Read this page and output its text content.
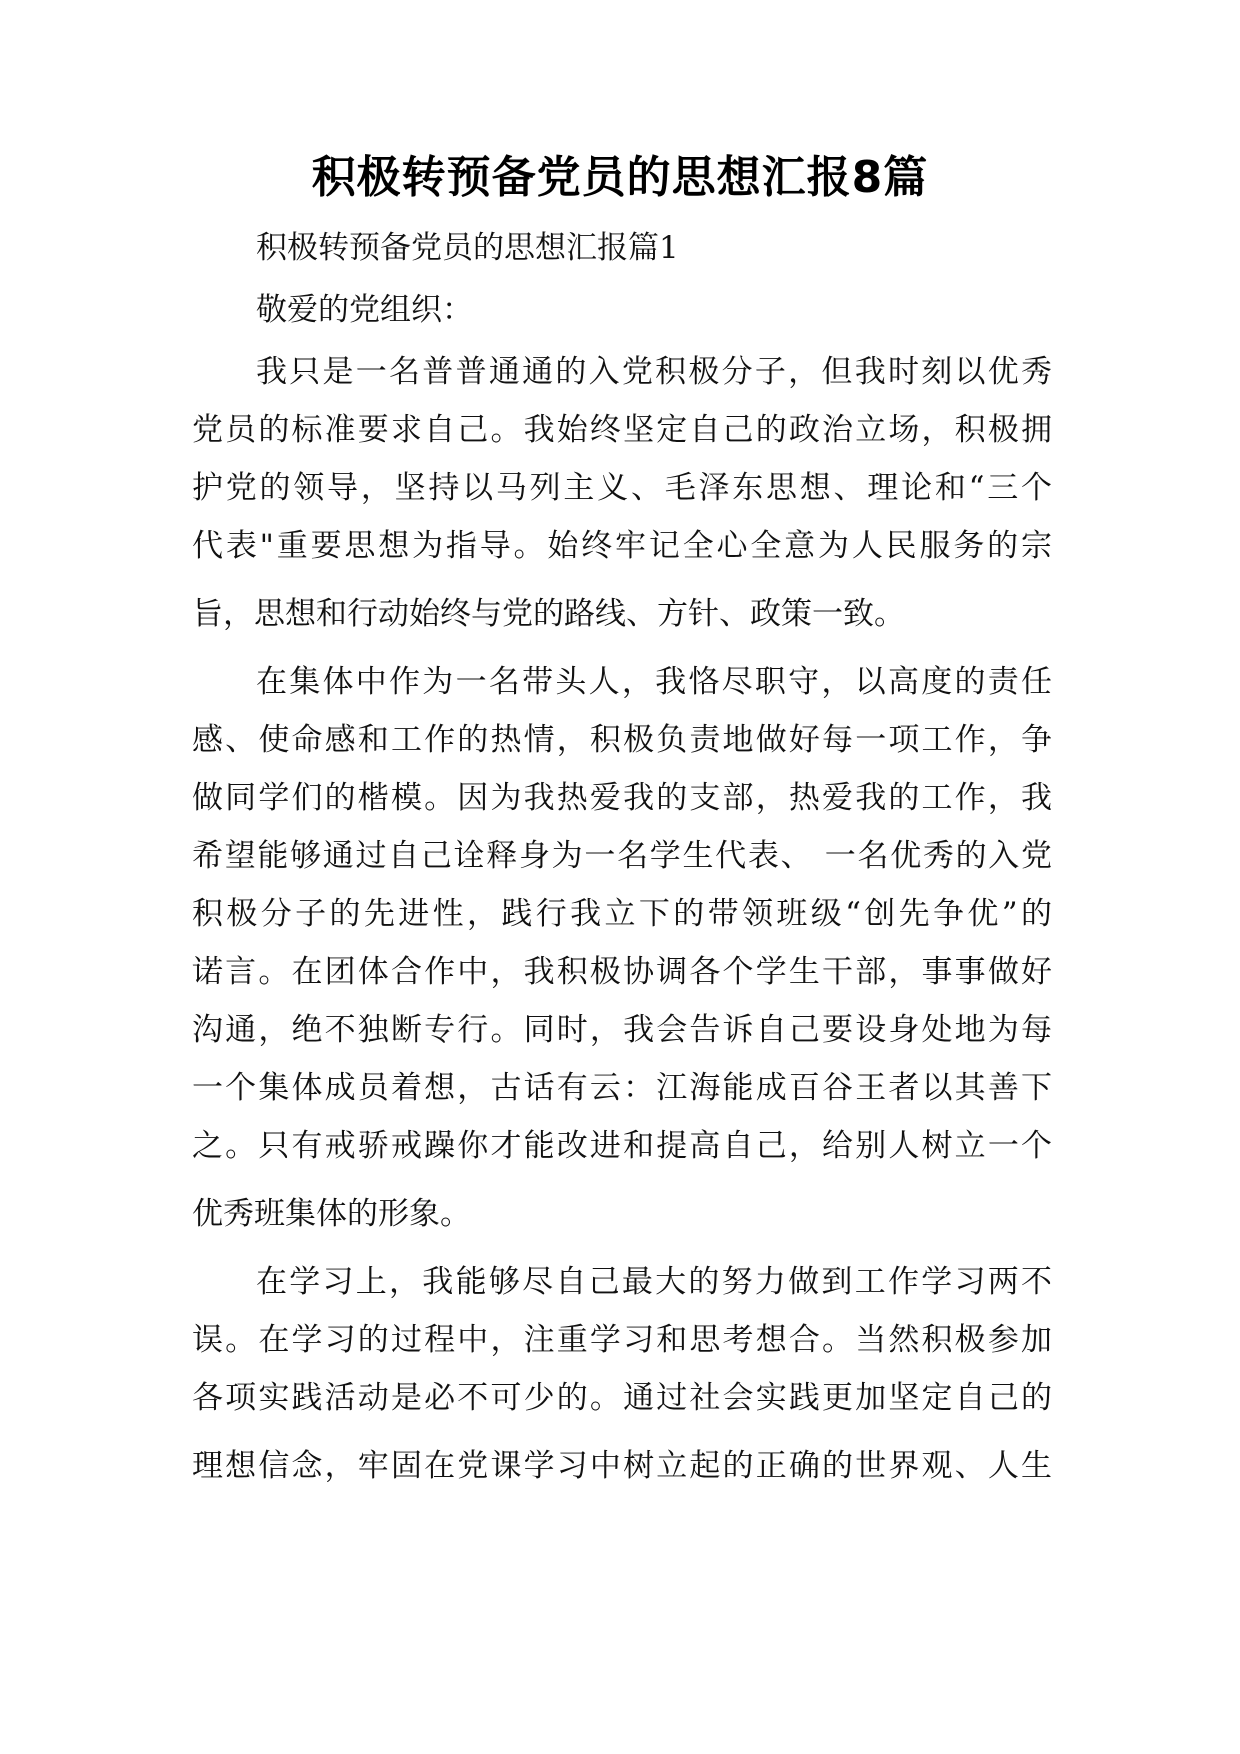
积极转预备党员的思想汇报8篇

积极转预备党员的思想汇报篇1

敬爱的党组织：

我只是一名普普通通的入党积极分子，但我时刻以优秀

党员的标准要求自己。我始终坚定自己的政治立场，积极拥

护党的领导，坚持以马列主义、毛泽东思想、理论和“三个

代表"重要思想为指导。始终牢记全心全意为人民服务的宗

旨，思想和行动始终与党的路线、方针、政策一致。

在集体中作为一名带头人，我恪尽职守，以高度的责任

感、使命感和工作的热情，积极负责地做好每一项工作，争

做同学们的楷模。因为我热爱我的支部，热爱我的工作，我

希望能够通过自己诠释身为一名学生代表、 一名优秀的入党

积极分子的先进性，践行我立下的带领班级“创先争优”的

诺言。在团体合作中，我积极协调各个学生干部，事事做好

沟通，绝不独断专行。同时，我会告诉自己要设身处地为每

一个集体成员着想，古话有云：江海能成百谷王者以其善下

之。只有戒骄戒躁你才能改进和提高自己，给别人树立一个

优秀班集体的形象。

在学习上，我能够尽自己最大的努力做到工作学习两不

误。在学习的过程中，注重学习和思考想合。当然积极参加

各项实践活动是必不可少的。通过社会实践更加坚定自己的

理想信念，牢固在党课学习中树立起的正确的世界观、人生
